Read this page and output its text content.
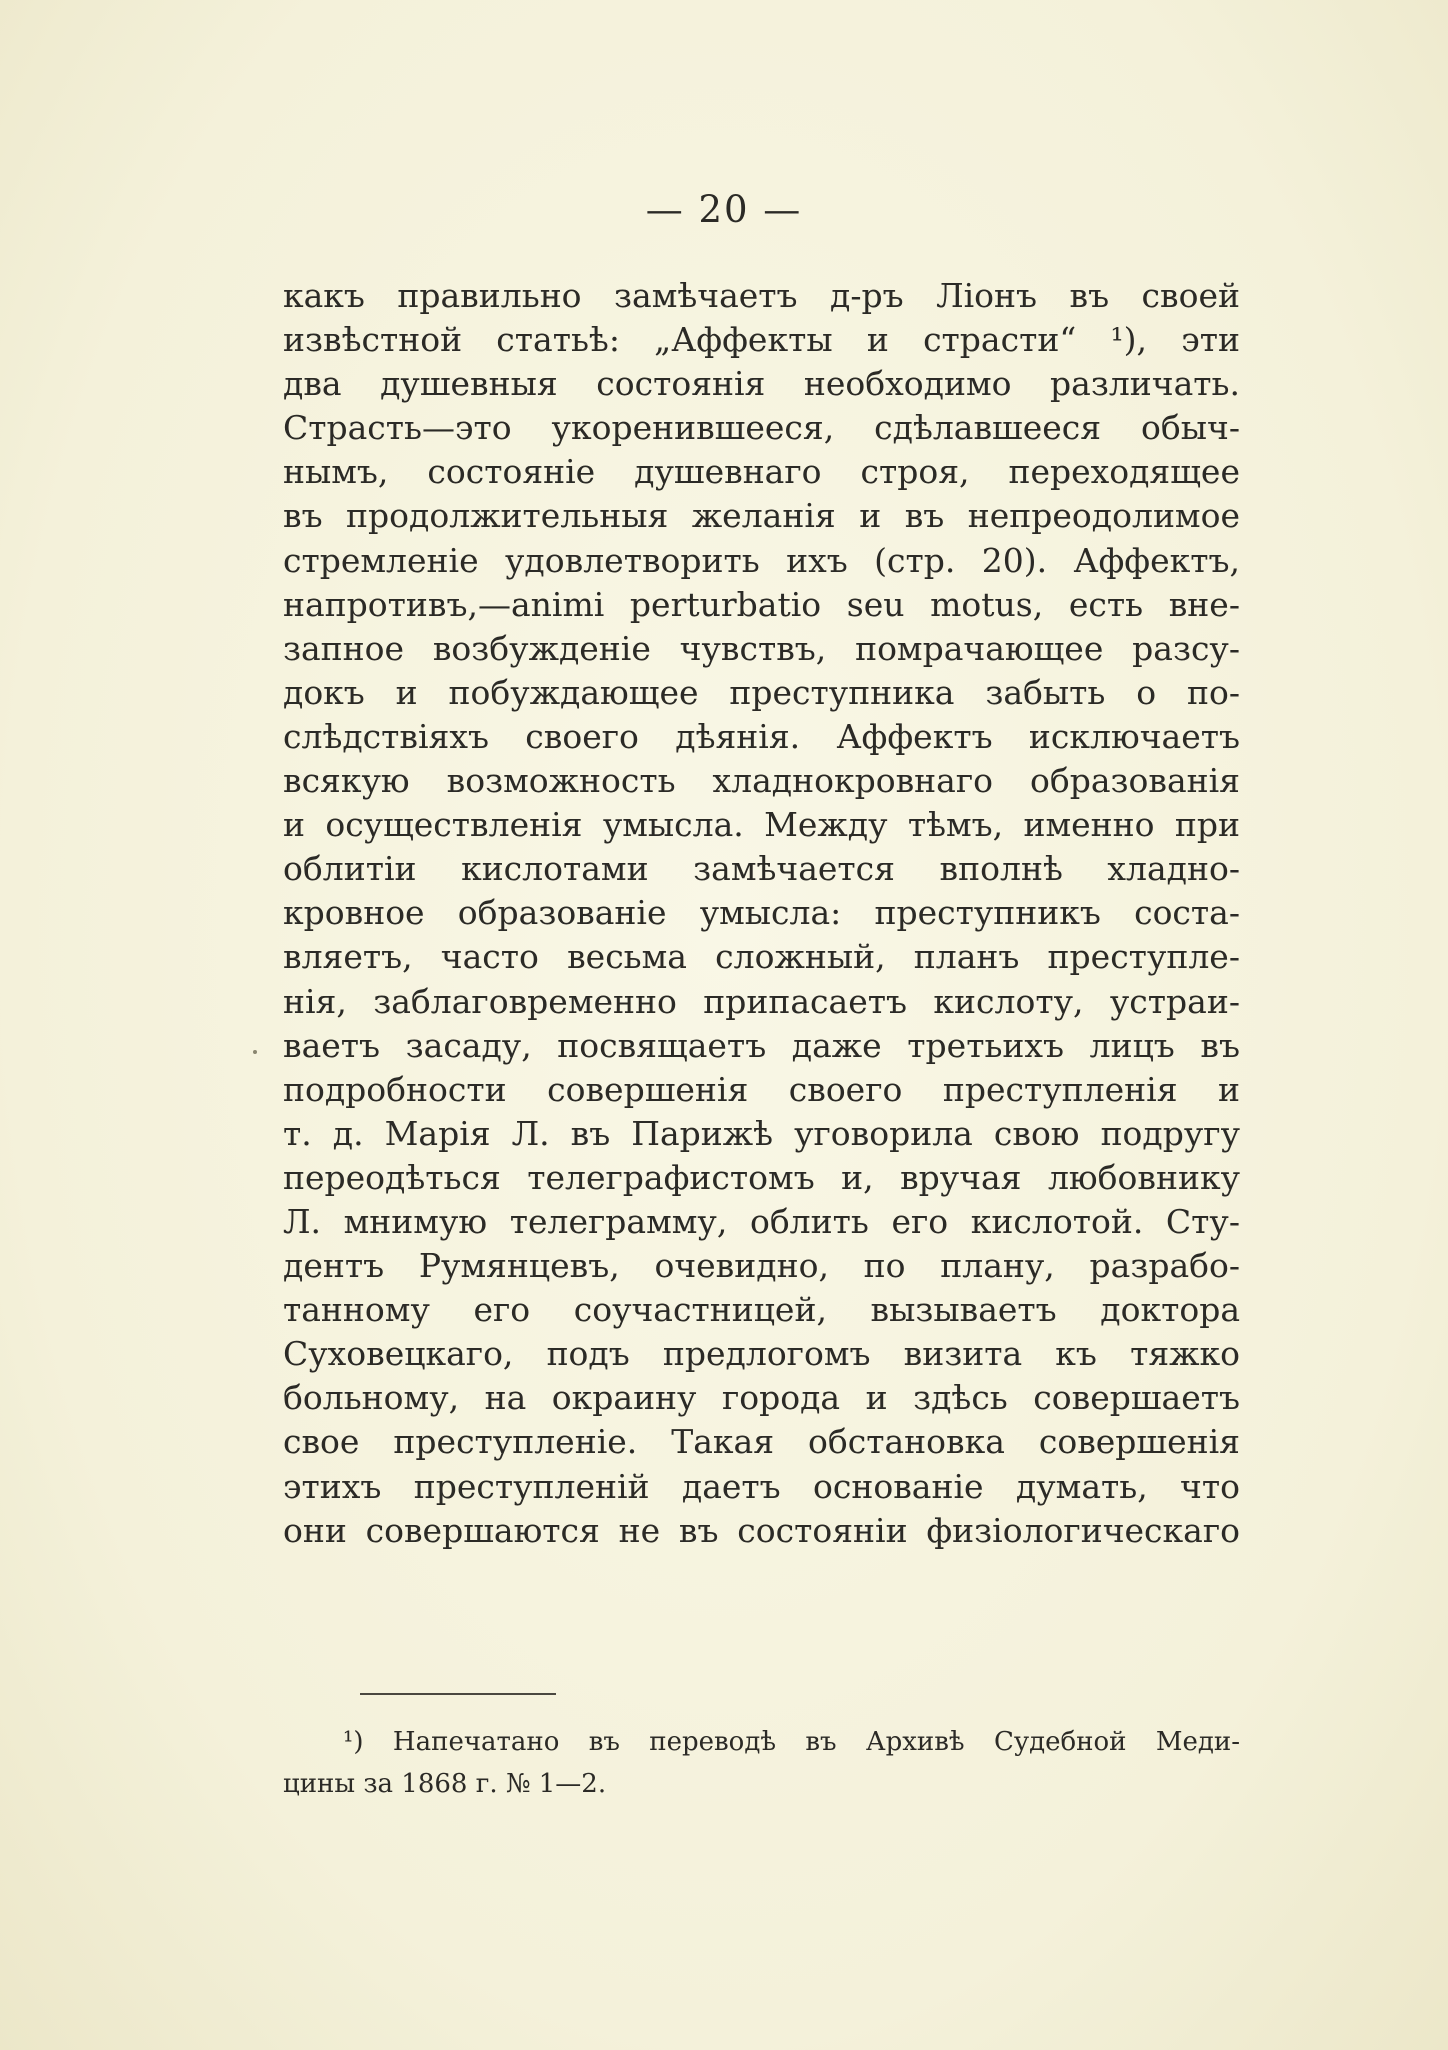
— 20 —
какъ правильно замѣчаетъ д-ръ Ліонъ въ своей
извѣстной статьѣ: „Аффекты и страсти“ ¹), эти
два душевныя состоянія необходимо различать.
Страсть—это укоренившееся, сдѣлавшееся обыч-
нымъ, состояніе душевнаго строя, переходящее
въ продолжительныя желанія и въ непреодолимое
стремленіе удовлетворить ихъ (стр. 20). Аффектъ,
напротивъ,—animi perturbatio seu motus, есть вне-
запное возбужденіе чувствъ, помрачающее разсу-
докъ и побуждающее преступника забыть о по-
слѣдствіяхъ своего дѣянія. Аффектъ исключаетъ
всякую возможность хладнокровнаго образованія
и осуществленія умысла. Между тѣмъ, именно при
облитіи кислотами замѣчается вполнѣ хладно-
кровное образованіе умысла: преступникъ соста-
вляетъ, часто весьма сложный, планъ преступле-
нія, заблаговременно припасаетъ кислоту, устраи-
ваетъ засаду, посвящаетъ даже третьихъ лицъ въ
подробности совершенія своего преступленія и
т. д. Марія Л. въ Парижѣ уговорила свою подругу
переодѣться телеграфистомъ и, вручая любовнику
Л. мнимую телеграмму, облить его кислотой. Сту-
дентъ Румянцевъ, очевидно, по плану, разрабо-
танному его соучастницей, вызываетъ доктора
Суховецкаго, подъ предлогомъ визита къ тяжко
больному, на окраину города и здѣсь совершаетъ
свое преступленіе. Такая обстановка совершенія
этихъ преступленій даетъ основаніе думать, что
они совершаются не въ состояніи физіологическаго
¹) Напечатано въ переводѣ въ Архивѣ Судебной Меди-
цины за 1868 г. № 1—2.
